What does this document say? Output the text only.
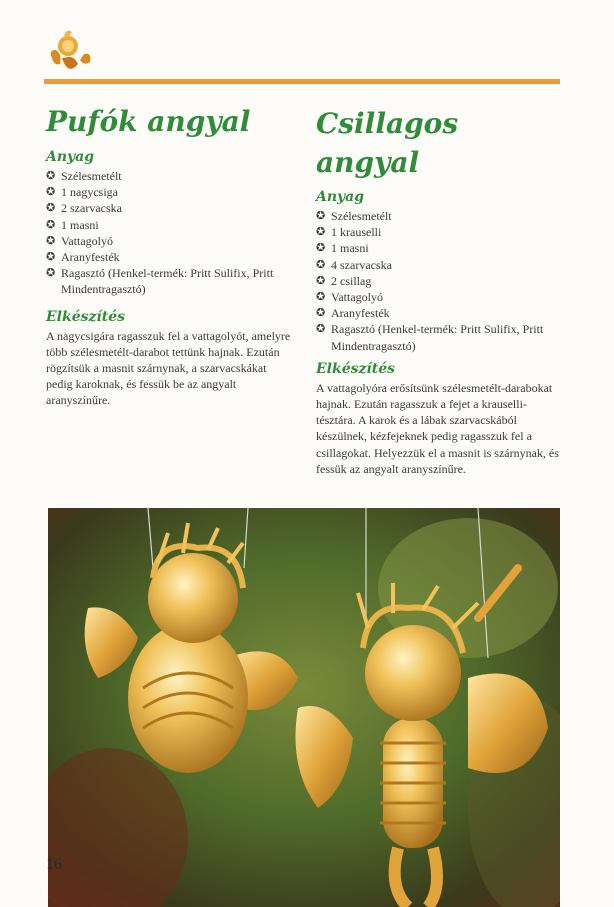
Pufók angyal
Anyag
✪ Szélesmetélt
✪ 1 nagycsiga
✪ 2 szarvacska
✪ 1 masni
✪ Vattagolyó
✪ Aranyfesték
✪ Ragasztó (Henkel-termék: Pritt Sulifix, Pritt Mindentragasztó)
Elkészítés

A nagycsigára ragasszuk fel a vattagolyót, amelyre több szélesmetélt-darabot tettünk hajnak. Ezután rögzítsük a masnit szárnynak, a szarvacskákat pedig karoknak, és fessük be az angyalt aranyszínűre.

Csillagos
angyal
Anyag
✪ Szélesmetélt
✪ 1 krauselli
✪ 1 masni
✪ 4 szarvacska
✪ 2 csillag
✪ Vattagolyó
✪ Aranyfesték
✪ Ragasztó (Henkel-termék: Pritt Sulifix, Pritt Mindentragasztó)
Elkészítés

A vattagolyóra erősítsünk szélesmetélt-darabokat hajnak. Ezután ragasszuk a fejet a krauselli-tésztára. A karok és a lábak szarvacskából készülnek, kézfejeknek pedig ragasszuk fel a csillagokat. Helyezzük el a masnit is szárnynak, és fessük az angyalt aranyszínűre.

16
